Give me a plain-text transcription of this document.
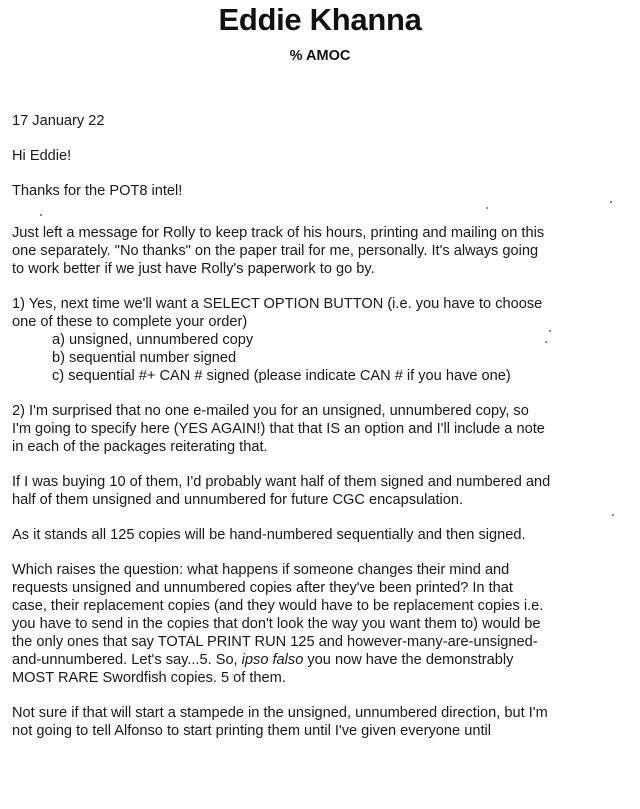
Eddie Khanna
% AMOC

17 January 22

Hi Eddie!

Thanks for the POT8 intel!

Just left a message for Rolly to keep track of his hours, printing and mailing on this
one separately. "No thanks" on the paper trail for me, personally. It's always going
to work better if we just have Rolly's paperwork to go by.

1) Yes, next time we'll want a SELECT OPTION BUTTON (i.e. you have to choose
one of these to complete your order)
a) unsigned, unnumbered copy
b) sequential number signed
c) sequential #+ CAN # signed (please indicate CAN # if you have one)

2) I'm surprised that no one e-mailed you for an unsigned, unnumbered copy, so
I'm going to specify here (YES AGAIN!) that that IS an option and I'll include a note
in each of the packages reiterating that.

If I was buying 10 of them, I'd probably want half of them signed and numbered and
half of them unsigned and unnumbered for future CGC encapsulation.

As it stands all 125 copies will be hand-numbered sequentially and then signed.

Which raises the question: what happens if someone changes their mind and
requests unsigned and unnumbered copies after they've been printed? In that
case, their replacement copies (and they would have to be replacement copies i.e.
you have to send in the copies that don't look the way you want them to) would be
the only ones that say TOTAL PRINT RUN 125 and however-many-are-unsigned-
and-unnumbered. Let's say...5. So, ipso falso you now have the demonstrably
MOST RARE Swordfish copies. 5 of them.

Not sure if that will start a stampede in the unsigned, unnumbered direction, but I'm
not going to tell Alfonso to start printing them until I've given everyone until
